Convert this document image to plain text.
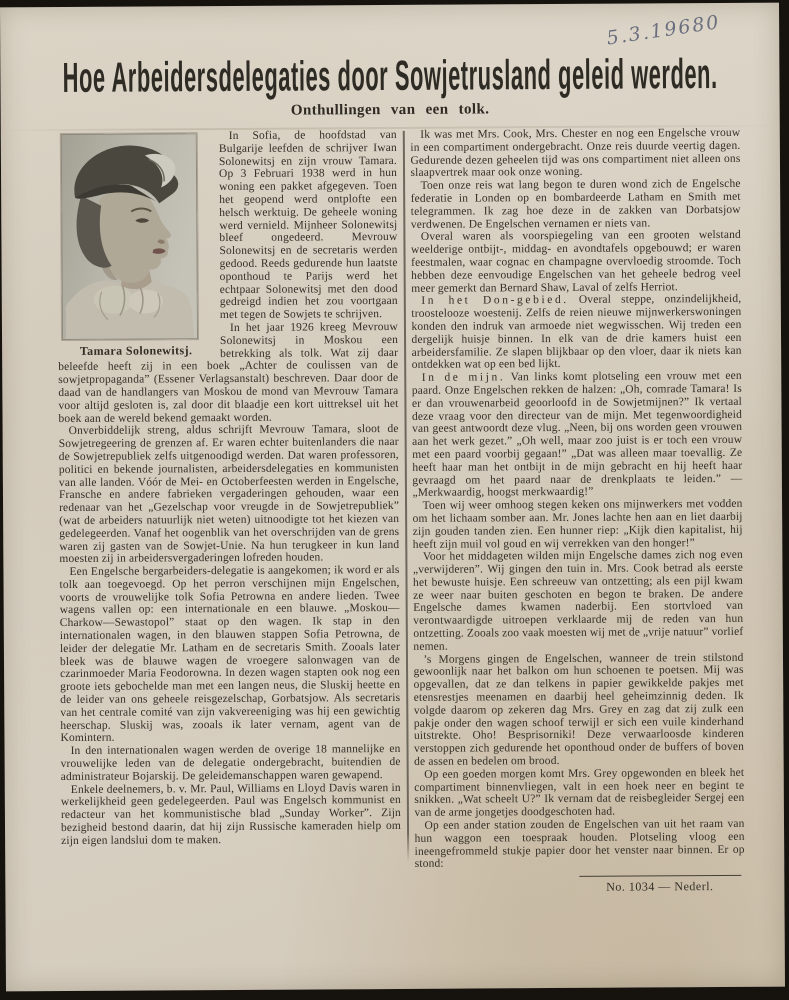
5.3.19680
Hoe Arbeidersdelegaties door Sowjetrusland geleid werden.
Onthullingen van een tolk.
Tamara Solonewitsj.

In Sofia, de hoofdstad van Bulgarije leefden de schrijver Iwan Solonewitsj en zijn vrouw Tamara. Op 3 Februari 1938 werd in hun woning een pakket afgegeven. Toen het geopend werd ontplofte een helsch werktuig. De geheele woning werd vernield. Mijnheer Solonewitsj bleef ongedeerd. Mevrouw Solonewitsj en de secretaris werden gedood. Reeds gedurende hun laatste oponthoud te Parijs werd het echtpaar Solonewitsj met den dood gedreigd indien het zou voortgaan met tegen de Sowjets te schrijven.

In het jaar 1926 kreeg Mevrouw Solonewitsj in Moskou een betrekking als tolk. Wat zij daar beleefde heeft zij in een boek „Achter de coulissen van de sowjetpropaganda” (Essener Verlagsanstalt) beschreven. Daar door de daad van de handlangers van Moskou de mond van Mevrouw Tamara voor altijd gesloten is, zal door dit blaadje een kort uittreksel uit het boek aan de wereld bekend gemaakt worden.

Onverbiddelijk streng, aldus schrijft Mevrouw Tamara, sloot de Sowjetregeering de grenzen af. Er waren echter buitenlanders die naar de Sowjetrepubliek zelfs uitgenoodigd werden. Dat waren professoren, politici en bekende journalisten, arbeidersdelegaties en kommunisten van alle landen. Vóór de Mei- en Octoberfeesten werden in Engelsche, Fransche en andere fabrieken vergaderingen gehouden, waar een redenaar van het „Gezelschap voor vreugde in de Sowjetrepubliek” (wat de arbeiders natuurlijk niet weten) uitnoodigte tot het kiezen van gedelegeerden. Vanaf het oogenblik van het overschrijden van de grens waren zij gasten van de Sowjet-Unie. Na hun terugkeer in kun land moesten zij in arbeidersvergaderingen lofreden houden.

Een Engelsche bergarbeiders-delegatie is aangekomen; ik word er als tolk aan toegevoegd. Op het perron verschijnen mijn Engelschen, voorts de vrouwelijke tolk Sofia Petrowna en andere lieden. Twee wagens vallen op: een internationale en een blauwe. „Moskou—Charkow—Sewastopol” staat op den wagen. Ik stap in den internationalen wagen, in den blauwen stappen Sofia Petrowna, de leider der delegatie Mr. Latham en de secretaris Smith. Zooals later bleek was de blauwe wagen de vroegere salonwagen van de czarinmoeder Maria Feodorowna. In dezen wagen stapten ook nog een groote iets gebochelde man met een langen neus, die Sluskij heette en de leider van ons geheele reisgezelschap, Gorbatsjow. Als secretaris van het centrale comité van zijn vakvereeniging was hij een gewichtig heerschap. Sluskij was, zooals ik later vernam, agent van de Komintern.

In den internationalen wagen werden de overige 18 mannelijke en vrouwelijke leden van de delegatie ondergebracht, buitendien de administrateur Bojarskij. De geleidemanschappen waren gewapend.

Enkele deelnemers, b. v. Mr. Paul, Williams en Lloyd Davis waren in werkelijkheid geen gedelegeerden. Paul was Engelsch kommunist en redacteur van het kommunistische blad „Sunday Worker”. Zijn bezigheid bestond daarin, dat hij zijn Russische kameraden hielp om zijn eigen landslui dom te maken.

Ik was met Mrs. Cook, Mrs. Chester en nog een Engelsche vrouw in een compartiment ondergebracht. Onze reis duurde veertig dagen. Gedurende dezen geheelen tijd was ons compartiment niet alleen ons slaapvertrek maar ook onze woning.

Toen onze reis wat lang begon te duren wond zich de Engelsche federatie in Londen op en bombardeerde Latham en Smith met telegrammen. Ik zag hoe deze in de zakken van Dorbatsjow verdwenen. De Engelschen vernamen er niets van.

Overal waren als voorspiegeling van een grooten welstand weelderige ontbijt-, middag- en avondtafels opgebouwd; er waren feestmalen, waar cognac en champagne overvloedig stroomde. Toch hebben deze eenvoudige Engelschen van het geheele bedrog veel meer gemerkt dan Bernard Shaw, Laval of zelfs Herriot.

In het Don-gebied. Overal steppe, onzindelijkheid, troostelooze woestenij. Zelfs de reien nieuwe mijnwerkerswoningen konden den indruk van armoede niet wegwisschen. Wij treden een dergelijk huisje binnen. In elk van de drie kamers huist een arbeidersfamilie. Ze slapen blijkbaar op den vloer, daar ik niets kan ontdekken wat op een bed lijkt.

In de mijn. Van links komt plotseling een vrouw met een paard. Onze Engelschen rekken de halzen: „Oh, comrade Tamara! Is er dan vrouwenarbeid geoorloofd in de Sowjetmijnen?” Ik vertaal deze vraag voor den directeur van de mijn. Met tegenwoordigheid van geest antwoordt deze vlug. „Neen, bij ons worden geen vrouwen aan het werk gezet.” „Oh well, maar zoo juist is er toch een vrouw met een paard voorbij gegaan!” „Dat was alleen maar toevallig. Ze heeft haar man het ontbijt in de mijn gebracht en hij heeft haar gevraagd om het paard naar de drenkplaats te leiden.” — „Merkwaardig, hoogst merkwaardig!”

Toen wij weer omhoog stegen keken ons mijnwerkers met vodden om het lichaam somber aan. Mr. Jones lachte hen aan en liet daarbij zijn gouden tanden zien. Een hunner riep: „Kijk dien kapitalist, hij heeft zijn muil vol goud en wij verrekken van den honger!”

Voor het middageten wilden mijn Engelsche dames zich nog even „verwijderen”. Wij gingen den tuin in. Mrs. Cook betrad als eerste het bewuste huisje. Een schreeuw van ontzetting; als een pijl kwam ze weer naar buiten geschoten en begon te braken. De andere Engelsche dames kwamen naderbij. Een stortvloed van verontwaardigde uitroepen verklaarde mij de reden van hun ontzetting. Zooals zoo vaak moesten wij met de „vrije natuur” vorlief nemen.

’s Morgens gingen de Engelschen, wanneer de trein stilstond gewoonlijk naar het balkon om hun schoenen te poetsen. Mij was opgevallen, dat ze dan telkens in papier gewikkelde pakjes met etensrestjes meenamen en daarbij heel geheimzinnig deden. Ik volgde daarom op zekeren dag Mrs. Grey en zag dat zij zulk een pakje onder den wagen schoof terwijl er sich een vuile kinderhand uitstrekte. Oho! Besprisorniki! Deze verwaarloosde kinderen verstoppen zich gedurende het oponthoud onder de buffers of boven de assen en bedelen om brood.

Op een goeden morgen komt Mrs. Grey opgewonden en bleek het compartiment binnenvliegen, valt in een hoek neer en begint te snikken. „Wat scheelt U?” Ik vernam dat de reisbegleider Sergej een van de arme jongetjes doodgeschoten had.

Op een ander station zouden de Engelschen van uit het raam van hun waggon een toespraak houden. Plotseling vloog een ineengefrommeld stukje papier door het venster naar binnen. Er op stond:

No. 1034 — Nederl.
